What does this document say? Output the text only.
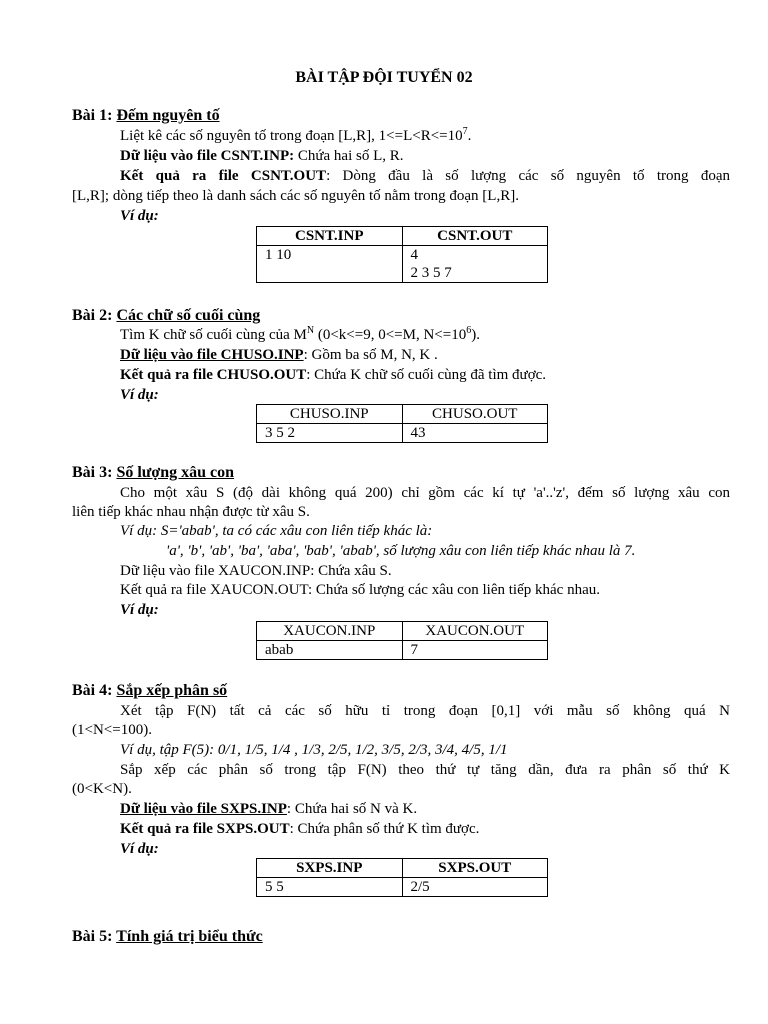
BÀI TẬP ĐỘI TUYỂN 02
Bài 1: Đếm nguyên tố
Liệt kê các số nguyên tố trong đoạn [L,R], $1<=L<R<=10^7$.
Dữ liệu vào file CSNT.INP: Chứa hai số L, R.
Kết quả ra file CSNT.OUT: Dòng đầu là số lượng các số nguyên tố trong đoạn
[L,R]; dòng tiếp theo là danh sách các số nguyên tố nằm trong đoạn [L,R].
Ví dụ:
CSNT.INP	CSNT.OUT
1 10	4
2 3 5 7
Bài 2: Các chữ số cuối cùng
Tìm K chữ số cuối cùng của $M^N$ (0<k<=9, 0<=M, $N<=10^6$).
Dữ liệu vào file CHUSO.INP: Gồm ba số M, N, K .
Kết quả ra file CHUSO.OUT: Chứa K chữ số cuối cùng đã tìm được.
Ví dụ:
CHUSO.INP	CHUSO.OUT
3 5 2	43
Bài 3: Số lượng xâu con
Cho một xâu S (độ dài không quá 200) chỉ gồm các kí tự 'a'..'z', đếm số lượng xâu con
liên tiếp khác nhau nhận được từ xâu S.
Ví dụ: S='abab', ta có các xâu con liên tiếp khác là:
'a', 'b', 'ab', 'ba', 'aba', 'bab', 'abab', số lượng xâu con liên tiếp khác nhau là 7.
Dữ liệu vào file XAUCON.INP: Chứa xâu S.
Kết quả ra file XAUCON.OUT: Chứa số lượng các xâu con liên tiếp khác nhau.
Ví dụ:
XAUCON.INP	XAUCON.OUT
abab	7
Bài 4: Sắp xếp phân số
Xét tập F(N) tất cả các số hữu tỉ trong đoạn [0,1] với mẫu số không quá N
(1<N<=100).
Ví dụ, tập F(5): 0/1, 1/5, 1/4 , 1/3, 2/5, 1/2, 3/5, 2/3, 3/4, 4/5, 1/1
Sắp xếp các phân số trong tập F(N) theo thứ tự tăng dần, đưa ra phân số thứ K
(0<K<N).
Dữ liệu vào file SXPS.INP: Chứa hai số N và K.
Kết quả ra file SXPS.OUT: Chứa phân số thứ K tìm được.
Ví dụ:
SXPS.INP	SXPS.OUT
5 5	2/5
Bài 5: Tính giá trị biểu thức
